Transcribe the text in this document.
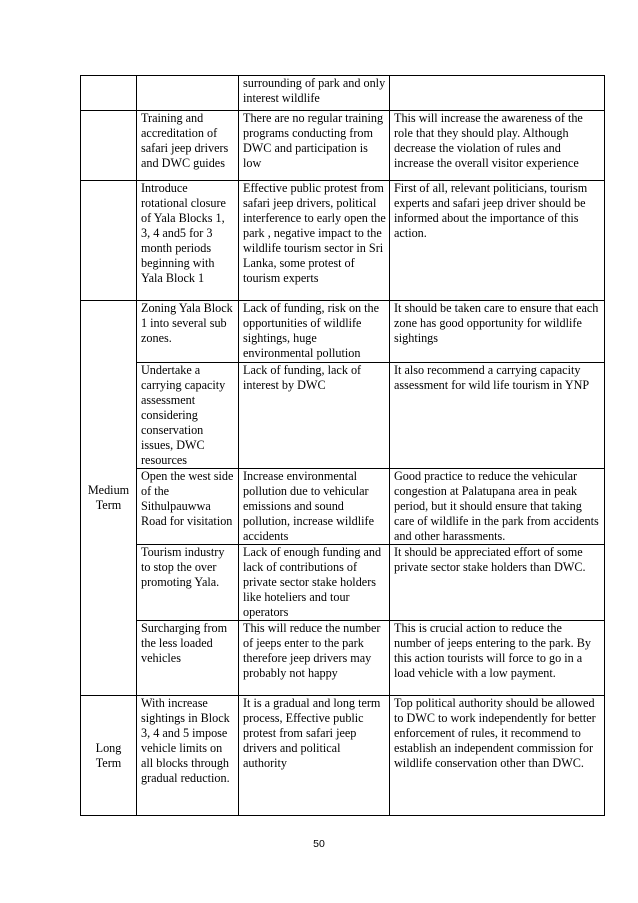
		surrounding of park and only interest wildlife	
	Training and accreditation of safari jeep drivers and DWC guides	There are no regular training programs conducting from DWC and participation is low	This will increase the awareness of the role that they should play. Although decrease the violation of rules and increase the overall visitor experience
	Introduce rotational closure of Yala Blocks 1, 3, 4 and5 for 3 month periods beginning with Yala Block 1	Effective public protest from safari jeep drivers, political interference to early open the park , negative impact to the wildlife tourism sector in Sri Lanka, some protest of tourism experts	First of all, relevant politicians, tourism experts and safari jeep driver should be informed about the importance of this action.
Medium Term	Zoning Yala Block 1 into several sub zones.	Lack of funding, risk on the opportunities of wildlife sightings, huge environmental pollution	It should be taken care to ensure that each zone has good opportunity for wildlife sightings
	Undertake a carrying capacity assessment considering conservation issues, DWC resources	Lack of funding, lack of interest by DWC	It also recommend a carrying capacity assessment for wild life tourism in YNP
	Open the west side of the Sithulpauwwa Road for visitation	Increase environmental pollution due to vehicular emissions and sound pollution, increase wildlife accidents	Good practice to reduce the vehicular congestion at Palatupana area in peak period, but it should ensure that taking care of wildlife in the park from accidents and other harassments.
	Tourism industry to stop the over promoting Yala.	Lack of enough funding and lack of contributions of private sector stake holders like hoteliers and tour operators	It should be appreciated effort of some private sector stake holders than DWC.
	Surcharging from the less loaded vehicles	This will reduce the number of jeeps enter to the park therefore jeep drivers may probably not happy	This is crucial action to reduce the number of jeeps entering to the park. By this action tourists will force to go in a load vehicle with a low payment.
Long Term	With increase sightings in Block 3, 4 and 5 impose vehicle limits on all blocks through gradual reduction.	It is a gradual and long term process, Effective public protest from safari jeep drivers and political authority	Top political authority should be allowed to DWC to work independently for better enforcement of rules, it recommend to establish an independent commission for wildlife conservation other than DWC.
50
